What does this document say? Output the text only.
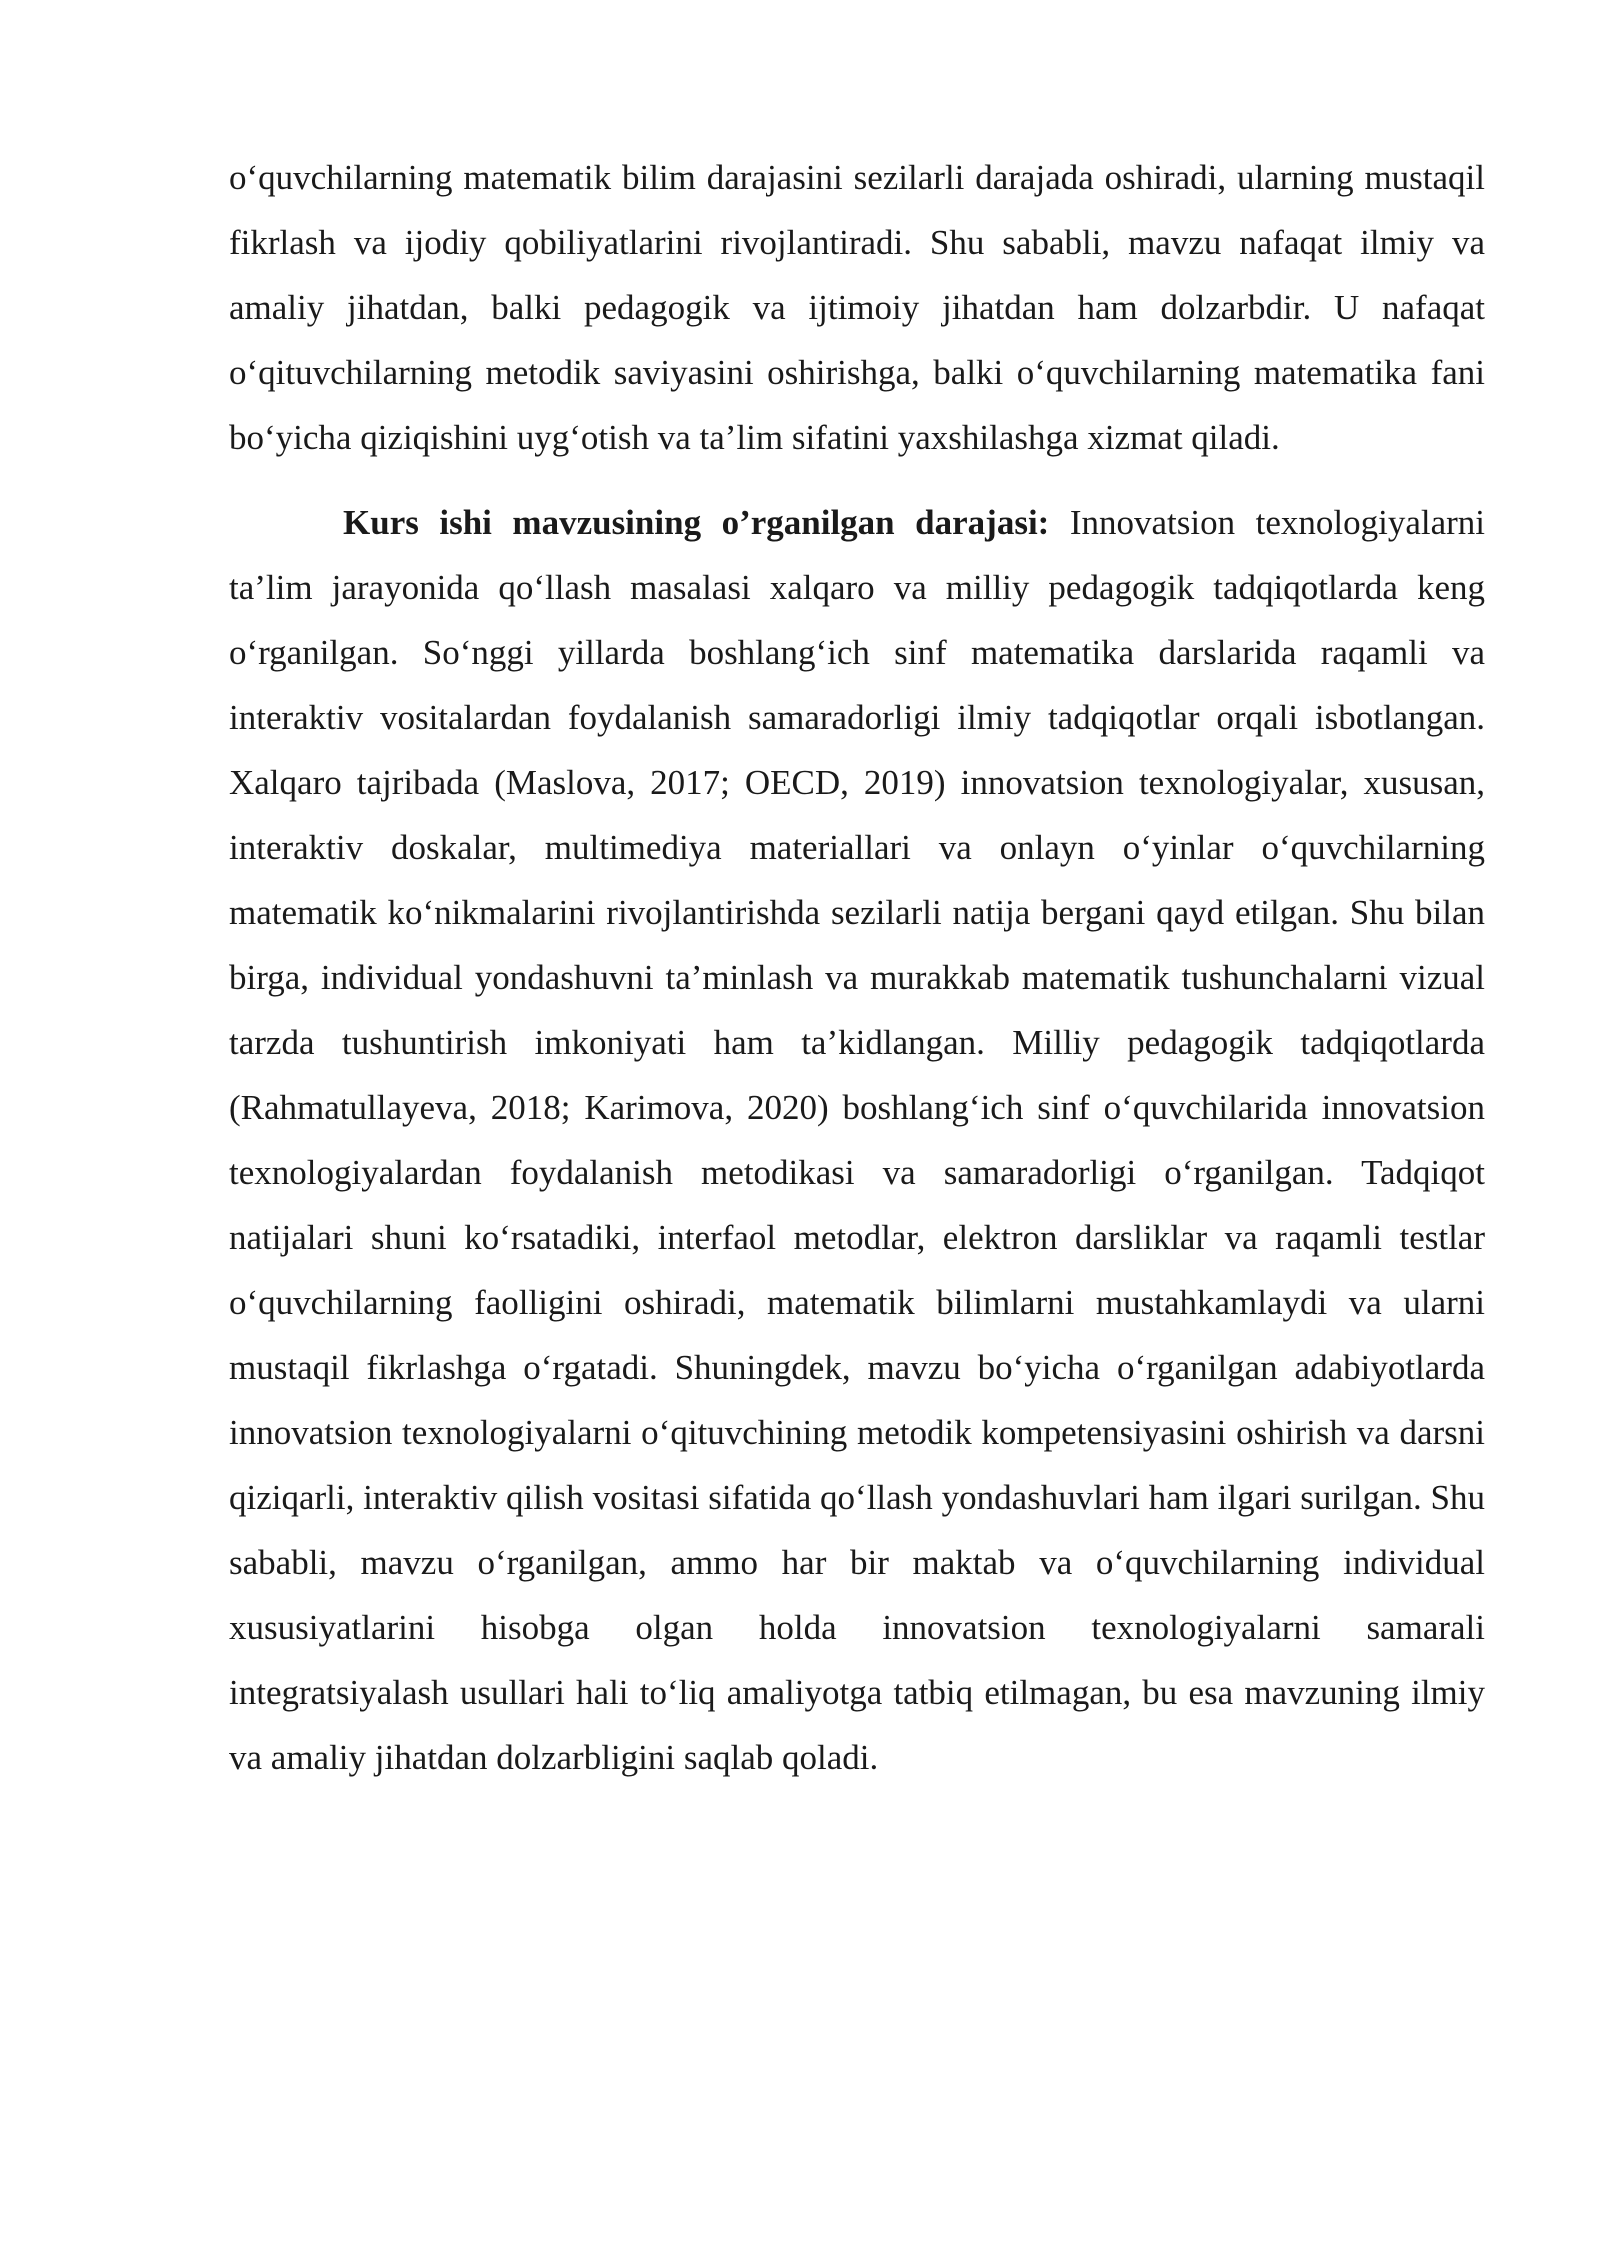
o‘quvchilarning matematik bilim darajasini sezilarli darajada oshiradi, ularning mustaqil fikrlash va ijodiy qobiliyatlarini rivojlantiradi. Shu sababli, mavzu nafaqat ilmiy va amaliy jihatdan, balki pedagogik va ijtimoiy jihatdan ham dolzarbdir. U nafaqat o‘qituvchilarning metodik saviyasini oshirishga, balki o‘quvchilarning matematika fani bo‘yicha qiziqishini uyg‘otish va ta’lim sifatini yaxshilashga xizmat qiladi.

Kurs ishi mavzusining o’rganilgan darajasi: Innovatsion texnologiyalarni ta’lim jarayonida qo‘llash masalasi xalqaro va milliy pedagogik tadqiqotlarda keng o‘rganilgan. So‘nggi yillarda boshlang‘ich sinf matematika darslarida raqamli va interaktiv vositalardan foydalanish samaradorligi ilmiy tadqiqotlar orqali isbotlangan. Xalqaro tajribada (Maslova, 2017; OECD, 2019) innovatsion texnologiyalar, xususan, interaktiv doskalar, multimediya materiallari va onlayn o‘yinlar o‘quvchilarning matematik ko‘nikmalarini rivojlantirishda sezilarli natija bergani qayd etilgan. Shu bilan birga, individual yondashuvni ta’minlash va murakkab matematik tushunchalarni vizual tarzda tushuntirish imkoniyati ham ta’kidlangan. Milliy pedagogik tadqiqotlarda (Rahmatullayeva, 2018; Karimova, 2020) boshlang‘ich sinf o‘quvchilarida innovatsion texnologiyalardan foydalanish metodikasi va samaradorligi o‘rganilgan. Tadqiqot natijalari shuni ko‘rsatadiki, interfaol metodlar, elektron darsliklar va raqamli testlar o‘quvchilarning faolligini oshiradi, matematik bilimlarni mustahkamlaydi va ularni mustaqil fikrlashga o‘rgatadi. Shuningdek, mavzu bo‘yicha o‘rganilgan adabiyotlarda innovatsion texnologiyalarni o‘qituvchining metodik kompetensiyasini oshirish va darsni qiziqarli, interaktiv qilish vositasi sifatida qo‘llash yondashuvlari ham ilgari surilgan. Shu sababli, mavzu o‘rganilgan, ammo har bir maktab va o‘quvchilarning individual xususiyatlarini hisobga olgan holda innovatsion texnologiyalarni samarali integratsiyalash usullari hali to‘liq amaliyotga tatbiq etilmagan, bu esa mavzuning ilmiy va amaliy jihatdan dolzarbligini saqlab qoladi.
